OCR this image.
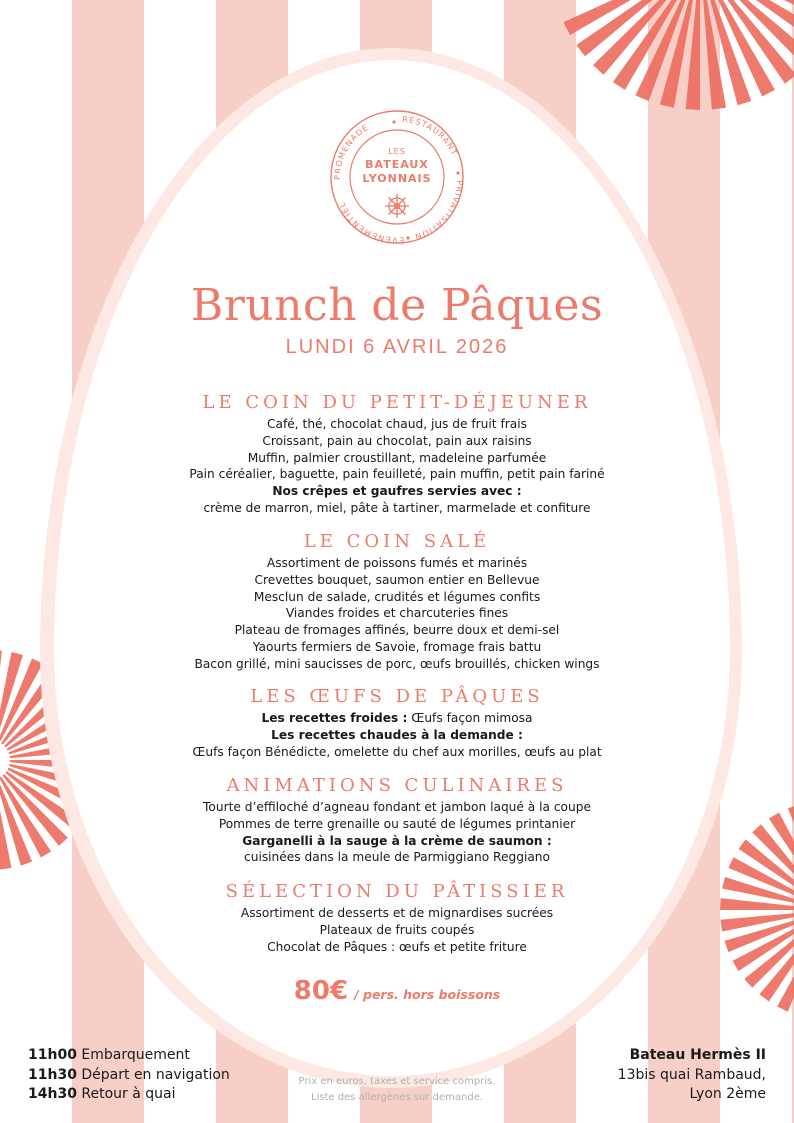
PROMENADE
RESTAURANT
PRIVATISATION
ÉVÈNEMENTIEL
LES
BATEAUX
LYONNAIS
Brunch de Pâques
LUNDI 6 AVRIL 2026
LE COIN DU PETIT-DÉJEUNER
Café, thé, chocolat chaud, jus de fruit frais
Croissant, pain au chocolat, pain aux raisins
Muffin, palmier croustillant, madeleine parfumée
Pain céréalier, baguette, pain feuilleté, pain muffin, petit pain fariné
Nos crêpes et gaufres servies avec :
crème de marron, miel, pâte à tartiner, marmelade et confiture
LE COIN SALÉ
Assortiment de poissons fumés et marinés
Crevettes bouquet, saumon entier en Bellevue
Mesclun de salade, crudités et légumes confits
Viandes froides et charcuteries fines
Plateau de fromages affinés, beurre doux et demi-sel
Yaourts fermiers de Savoie, fromage frais battu
Bacon grillé, mini saucisses de porc, œufs brouillés, chicken wings
LES ŒUFS DE PÂQUES
Les recettes froides : Œufs façon mimosa
Les recettes chaudes à la demande :
Œufs façon Bénédicte, omelette du chef aux morilles, œufs au plat
ANIMATIONS CULINAIRES
Tourte d’effiloché d’agneau fondant et jambon laqué à la coupe
Pommes de terre grenaille ou sauté de légumes printanier
Garganelli à la sauge à la crème de saumon :
cuisinées dans la meule de Parmiggiano Reggiano
SÉLECTION DU PÂTISSIER
Assortiment de desserts et de mignardises sucrées
Plateaux de fruits coupés
Chocolat de Pâques : œufs et petite friture
80€ / pers. hors boissons
11h00 Embarquement
11h30 Départ en navigation
14h30 Retour à quai
Prix en euros, taxes et service compris.
Liste des allergènes sur demande.
Bateau Hermès II
13bis quai Rambaud,
Lyon 2ème
